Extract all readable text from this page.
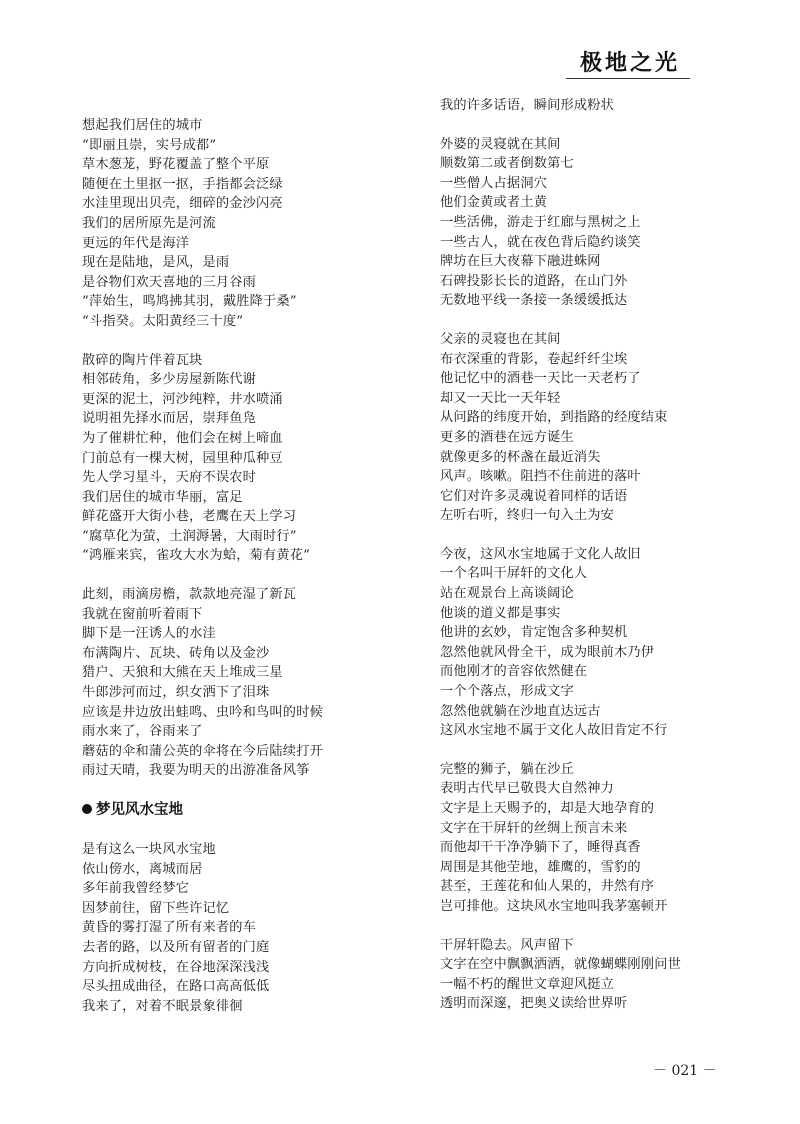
极地之光

想起我们居住的城市

“即丽且崇，实号成都”

草木葱茏，野花覆盖了整个平原

随便在土里抠一抠，手指都会泛绿

水洼里现出贝壳，细碎的金沙闪亮

我们的居所原先是河流

更远的年代是海洋

现在是陆地，是风，是雨

是谷物们欢天喜地的三月谷雨

“萍始生，鸣鸠拂其羽，戴胜降于桑”

“斗指癸。太阳黄经三十度”

散碎的陶片伴着瓦块

相邻砖角，多少房屋新陈代谢

更深的泥土，河沙纯粹，井水喷涌

说明祖先择水而居，崇拜鱼凫

为了催耕忙种，他们会在树上啼血

门前总有一棵大树，园里种瓜种豆

先人学习星斗，天府不误农时

我们居住的城市华丽，富足

鲜花盛开大街小巷，老鹰在天上学习

“腐草化为萤，土润溽暑，大雨时行”

“鸿雁来宾，雀攻大水为蛤，菊有黄花”

此刻，雨滴房檐，款款地亮湿了新瓦

我就在窗前听着雨下

脚下是一汪诱人的水洼

布满陶片、瓦块、砖角以及金沙

猎户、天狼和大熊在天上堆成三星

牛郎涉河而过，织女洒下了泪珠

应该是井边放出蛙鸣、虫吟和鸟叫的时候

雨水来了，谷雨来了

蘑菇的伞和蒲公英的伞将在今后陆续打开

雨过天晴，我要为明天的出游准备风筝

梦见风水宝地

是有这么一块风水宝地

依山傍水，离城而居

多年前我曾经梦它

因梦前往，留下些许记忆

黄昏的雾打湿了所有来者的车

去者的路，以及所有留者的门庭

方向折成树枝，在谷地深深浅浅

尽头扭成曲径，在路口高高低低

我来了，对着不眠景象徘徊

我的许多话语，瞬间形成粉状

外婆的灵寝就在其间

顺数第二或者倒数第七

一些僧人占据洞穴

他们金黄或者土黄

一些活佛，游走于红廊与黑树之上

一些古人，就在夜色背后隐约谈笑

牌坊在巨大夜幕下融进蛛网

石碑投影长长的道路，在山门外

无数地平线一条接一条缓缓抵达

父亲的灵寝也在其间

布衣深重的背影，卷起纤纤尘埃

他记忆中的酒巷一天比一天老朽了

却又一天比一天年轻

从问路的纬度开始，到指路的经度结束

更多的酒巷在远方诞生

就像更多的杯盏在最近消失

风声。咳嗽。阻挡不住前进的落叶

它们对许多灵魂说着同样的话语

左听右听，终归一句入土为安

今夜，这风水宝地属于文化人故旧

一个名叫干屏轩的文化人

站在观景台上高谈阔论

他谈的道义都是事实

他讲的玄妙，肯定饱含多种契机

忽然他就风骨全干，成为眼前木乃伊

而他刚才的音容依然健在

一个个落点，形成文字

忽然他就躺在沙地直达远古

这风水宝地不属于文化人故旧肯定不行

完整的狮子，躺在沙丘

表明古代早已敬畏大自然神力

文字是上天赐予的，却是大地孕育的

文字在干屏轩的丝绸上预言未来

而他却干干净净躺下了，睡得真香

周围是其他茔地，雄鹰的，雪豹的

甚至，王莲花和仙人果的，井然有序

岂可排他。这块风水宝地叫我茅塞顿开

干屏轩隐去。风声留下

文字在空中飘飘洒洒，就像蝴蝶刚刚问世

一幅不朽的醒世文章迎风挺立

透明而深邃，把奥义读给世界听

－ 021 －
